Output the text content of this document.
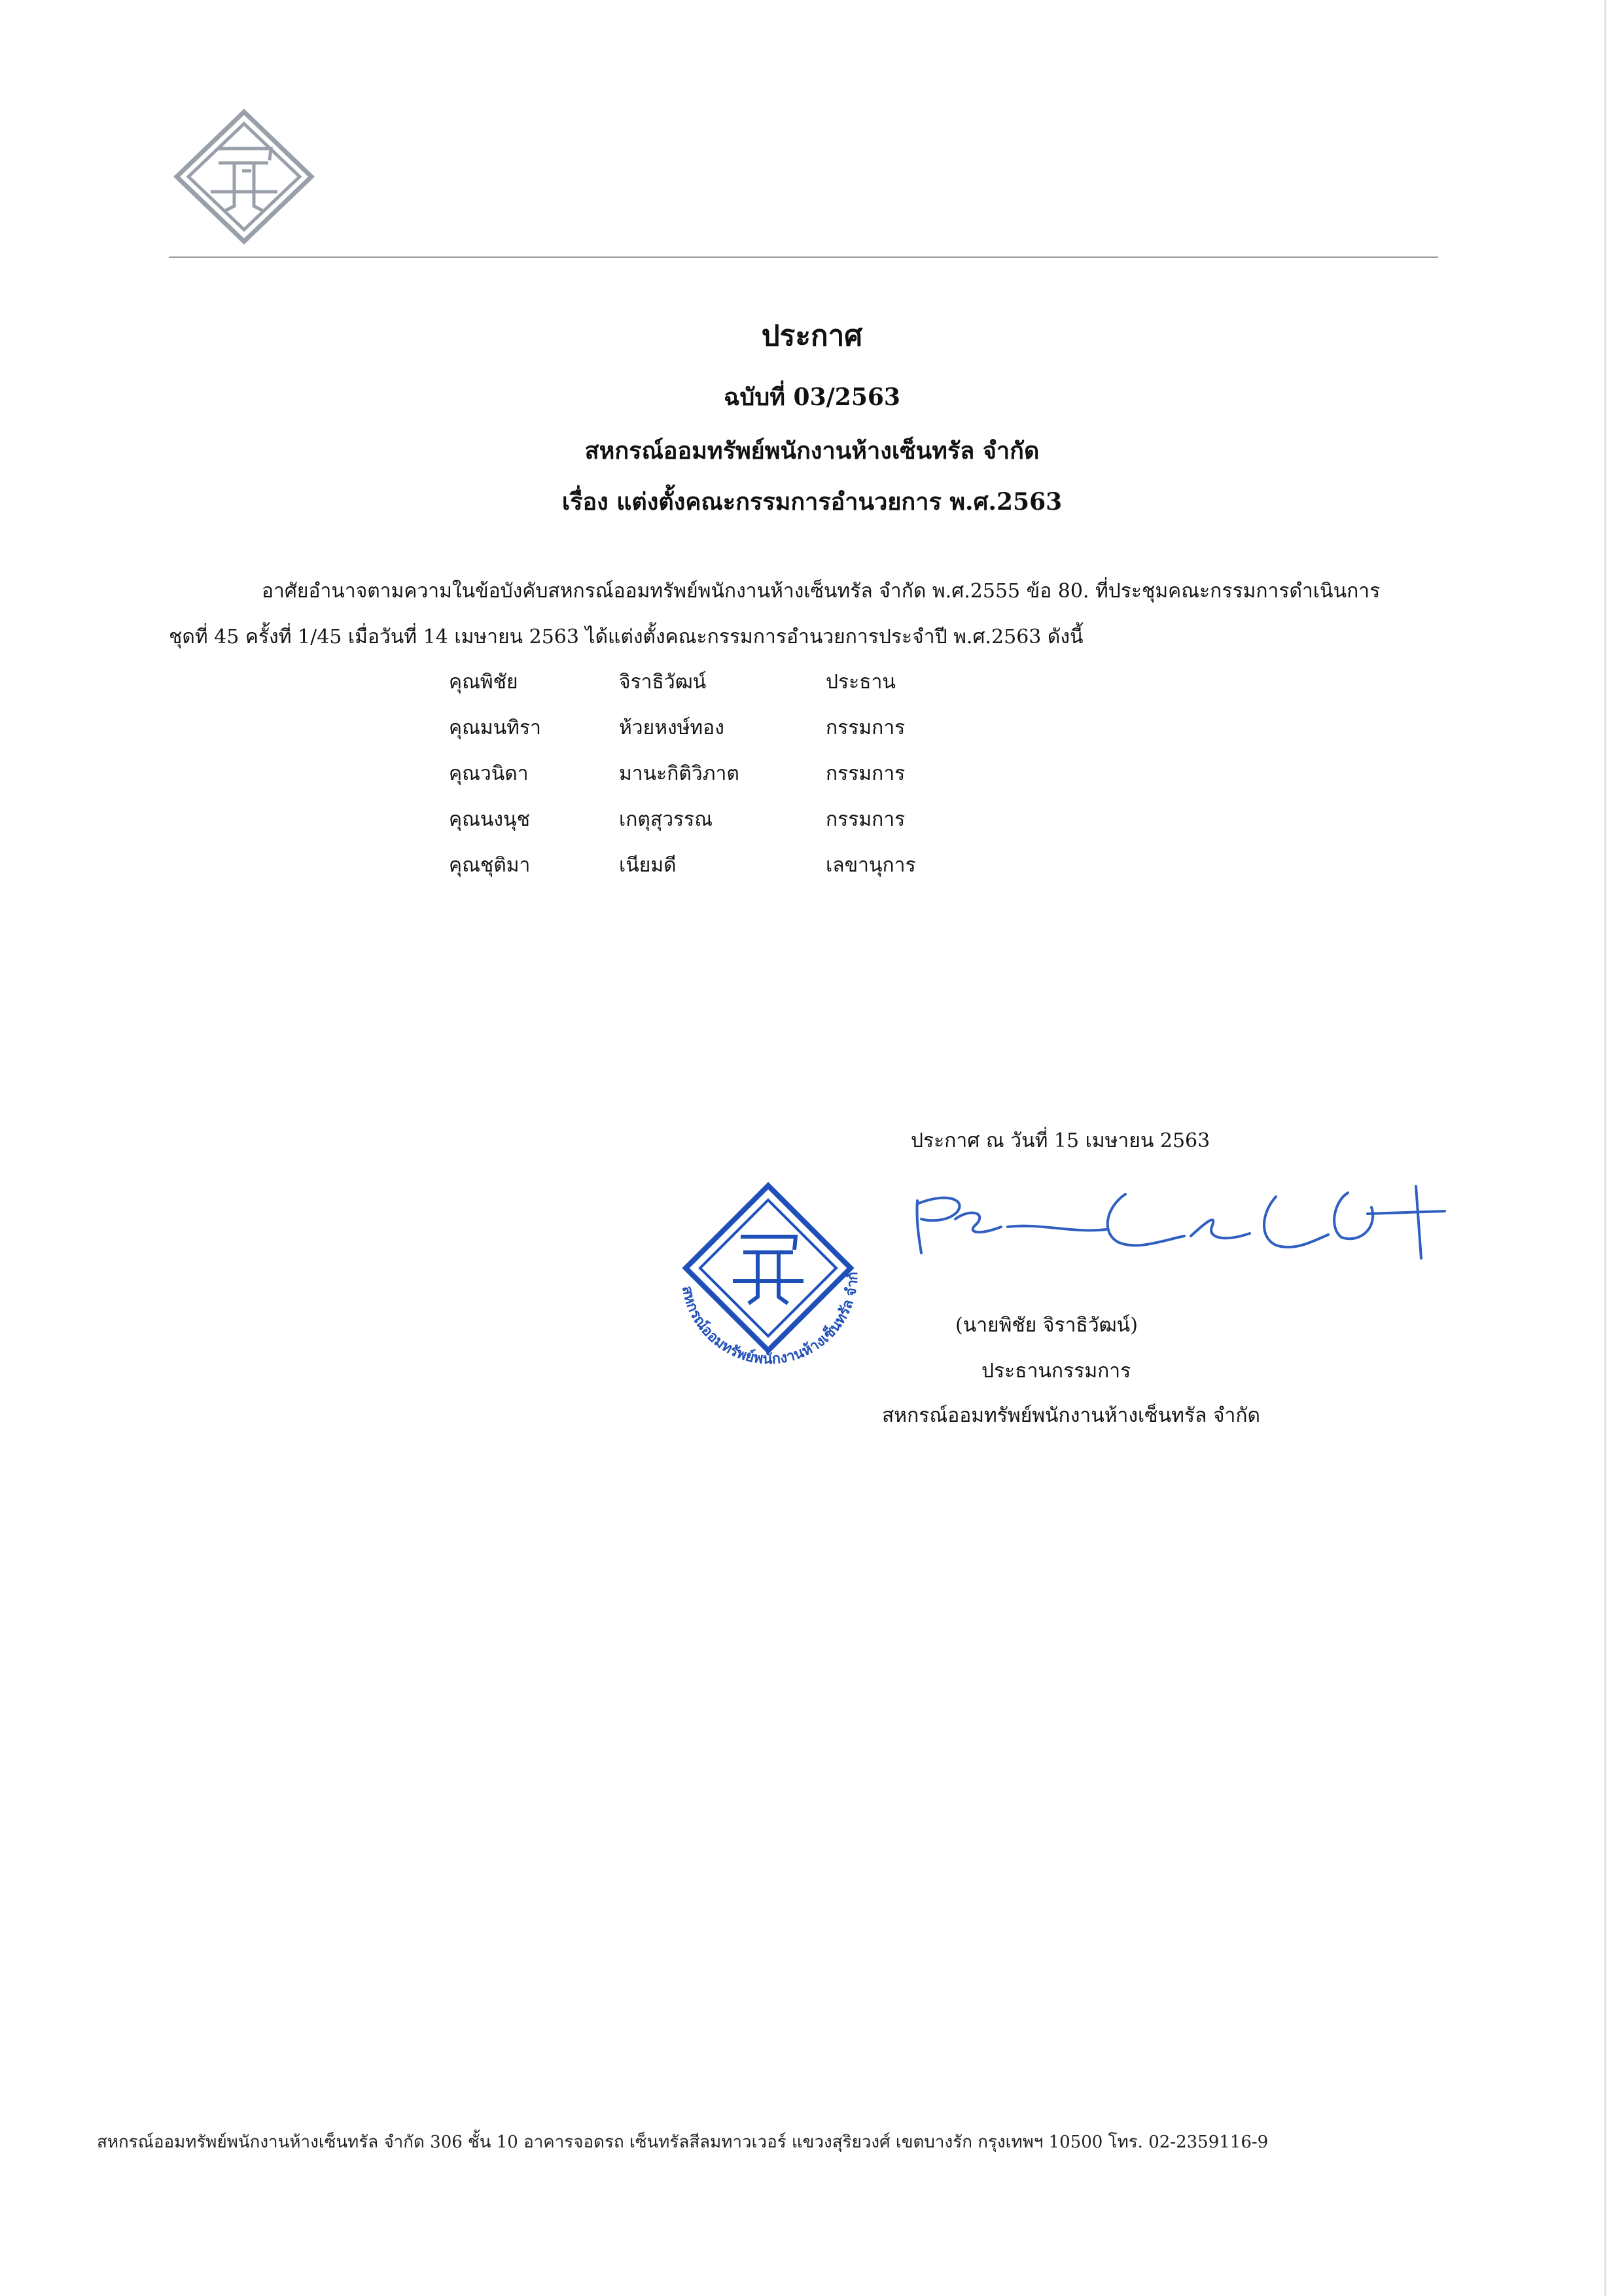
ประกาศ
ฉบับที่ 03/2563
สหกรณ์ออมทรัพย์พนักงานห้างเซ็นทรัล จำกัด
เรื่อง แต่งตั้งคณะกรรมการอำนวยการ พ.ศ.2563
อาศัยอำนาจตามความในข้อบังคับสหกรณ์ออมทรัพย์พนักงานห้างเซ็นทรัล จำกัด พ.ศ.2555 ข้อ 80. ที่ประชุมคณะกรรมการดำเนินการ
ชุดที่ 45 ครั้งที่ 1/45 เมื่อวันที่ 14 เมษายน 2563 ได้แต่งตั้งคณะกรรมการอำนวยการประจำปี พ.ศ.2563 ดังนี้
คุณพิชัย	จิราธิวัฒน์	ประธาน
คุณมนทิรา	ห้วยหงษ์ทอง	กรรมการ
คุณวนิดา	มานะกิติวิภาต	กรรมการ
คุณนงนุช	เกตุสุวรรณ	กรรมการ
คุณชุติมา	เนียมดี	เลขานุการ
ประกาศ ณ วันที่ 15 เมษายน 2563
สหกรณ์ออมทรัพย์พนักงานห้างเซ็นทรัล จำกั
(นายพิชัย จิราธิวัฒน์)
ประธานกรรมการ
สหกรณ์ออมทรัพย์พนักงานห้างเซ็นทรัล จำกัด
สหกรณ์ออมทรัพย์พนักงานห้างเซ็นทรัล จำกัด 306 ชั้น 10 อาคารจอดรถ เซ็นทรัลสีลมทาวเวอร์ แขวงสุริยวงศ์ เขตบางรัก กรุงเทพฯ 10500 โทร. 02-2359116-9
